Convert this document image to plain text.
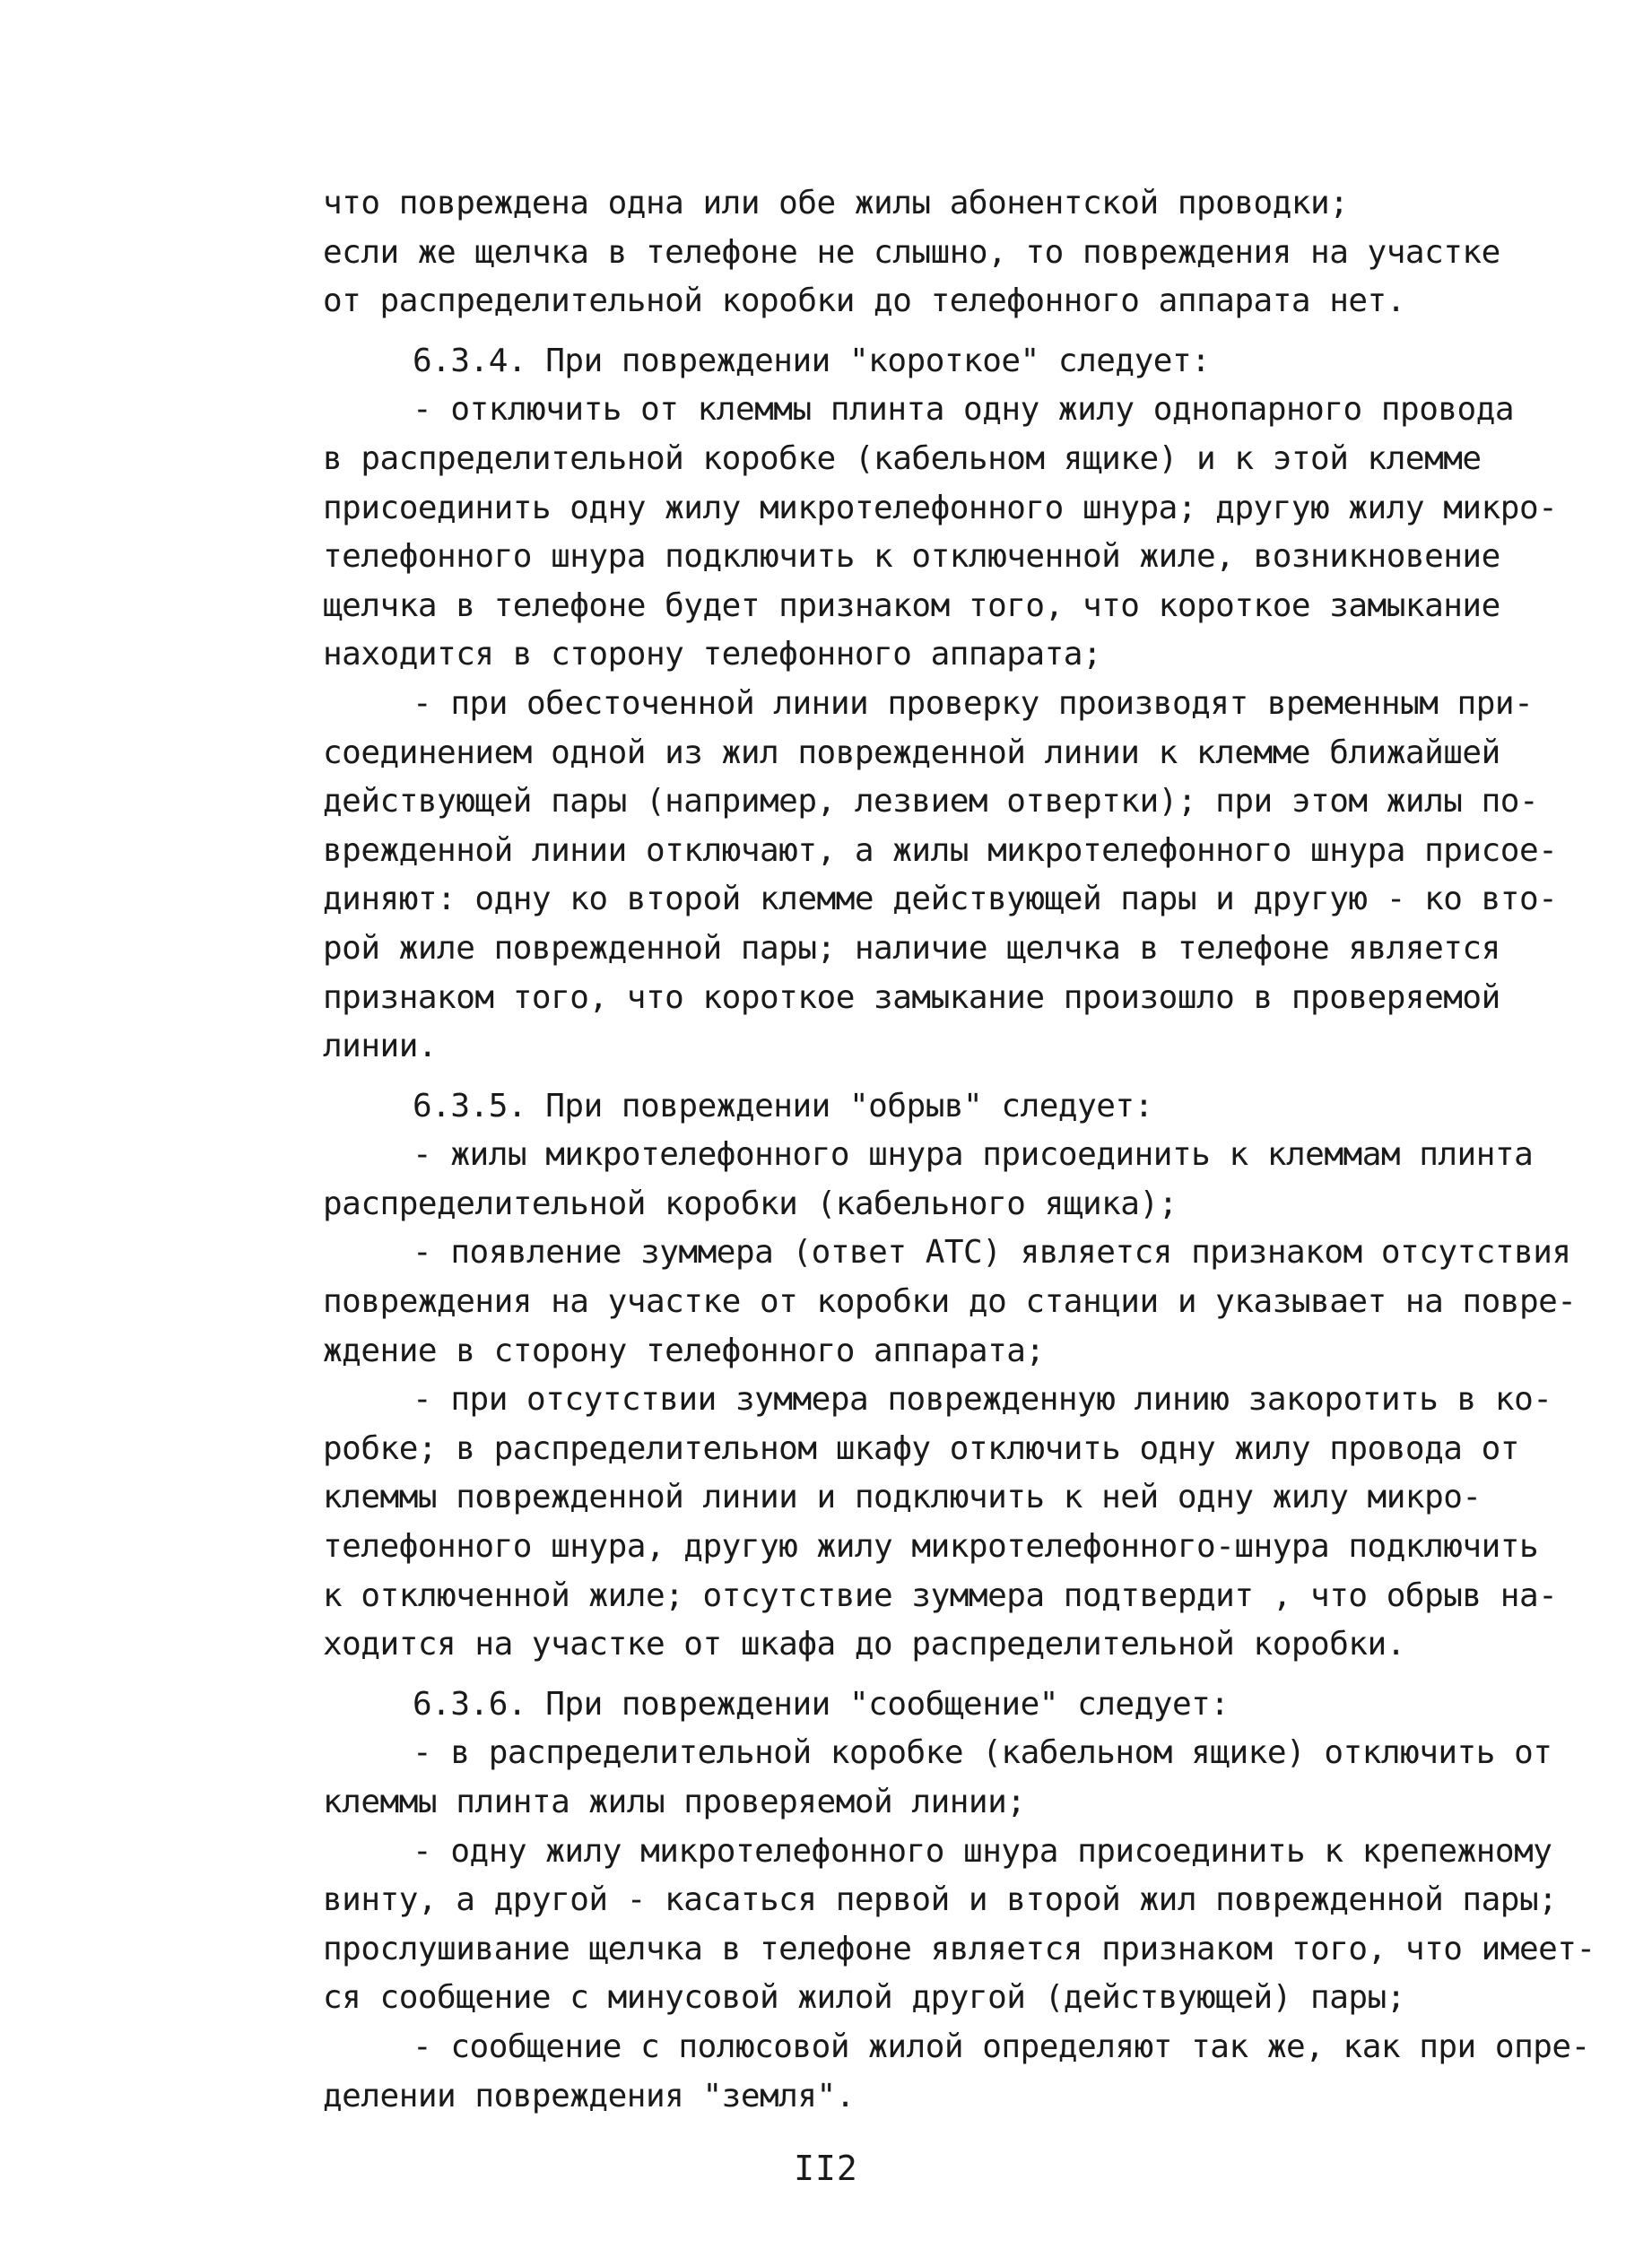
что повреждена одна или обе жилы абонентской проводки;
если же щелчка в телефоне не слышно, то повреждения на участке
от распределительной коробки до телефонного аппарата нет.
6.3.4. При повреждении "короткое" следует:
- отключить от клеммы плинта одну жилу однопарного провода
в распределительной коробке (кабельном ящике) и к этой клемме
присоединить одну жилу микротелефонного шнура; другую жилу микро-
телефонного шнура подключить к отключенной жиле, возникновение
щелчка в телефоне будет признаком того, что короткое замыкание
находится в сторону телефонного аппарата;
- при обесточенной линии проверку производят временным при-
соединением одной из жил поврежденной линии к клемме ближайшей
действующей пары (например, лезвием отвертки); при этом жилы по-
врежденной линии отключают, а жилы микротелефонного шнура присое-
диняют: одну ко второй клемме действующей пары и другую - ко вто-
рой жиле поврежденной пары; наличие щелчка в телефоне является
признаком того, что короткое замыкание произошло в проверяемой
линии.
6.3.5. При повреждении "обрыв" следует:
- жилы микротелефонного шнура присоединить к клеммам плинта
распределительной коробки (кабельного ящика);
- появление зуммера (ответ АТС) является признаком отсутствия
повреждения на участке от коробки до станции и указывает на повре-
ждение в сторону телефонного аппарата;
- при отсутствии зуммера поврежденную линию закоротить в ко-
робке; в распределительном шкафу отключить одну жилу провода от
клеммы поврежденной линии и подключить к ней одну жилу микро-
телефонного шнура, другую жилу микротелефонного-шнура подключить
к отключенной жиле; отсутствие зуммера подтвердит , что обрыв на-
ходится на участке от шкафа до распределительной коробки.
6.3.6. При повреждении "сообщение" следует:
- в распределительной коробке (кабельном ящике) отключить от
клеммы плинта жилы проверяемой линии;
- одну жилу микротелефонного шнура присоединить к крепежному
винту, а другой - касаться первой и второй жил поврежденной пары;
прослушивание щелчка в телефоне является признаком того, что имеет-
ся сообщение с минусовой жилой другой (действующей) пары;
- сообщение с полюсовой жилой определяют так же, как при опре-
делении повреждения "земля".
II2
